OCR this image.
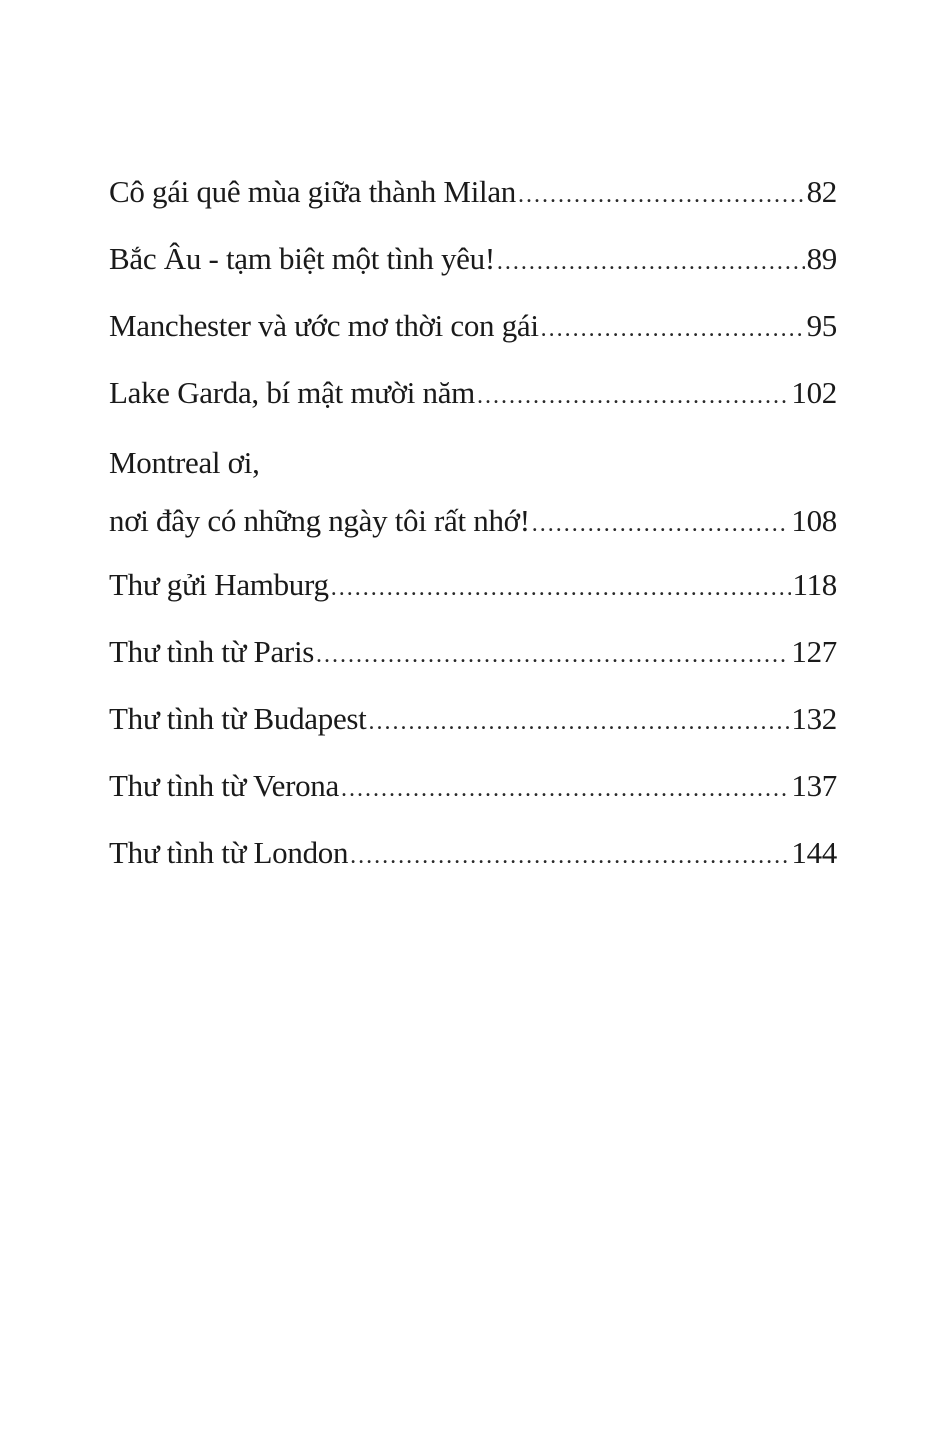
Cô gái quê mùa giữa thành Milan .....	82
Bắc Âu - tạm biệt một tình yêu! .....	89
Manchester và ước mơ thời con gái .....	95
Lake Garda, bí mật mười năm .....	102
Montreal ơi,
nơi đây có những ngày tôi rất nhớ! .....	108
Thư gửi Hamburg .....	118
Thư tình từ Paris .....	127
Thư tình từ Budapest .....	132
Thư tình từ Verona .....	137
Thư tình từ London .....	144
